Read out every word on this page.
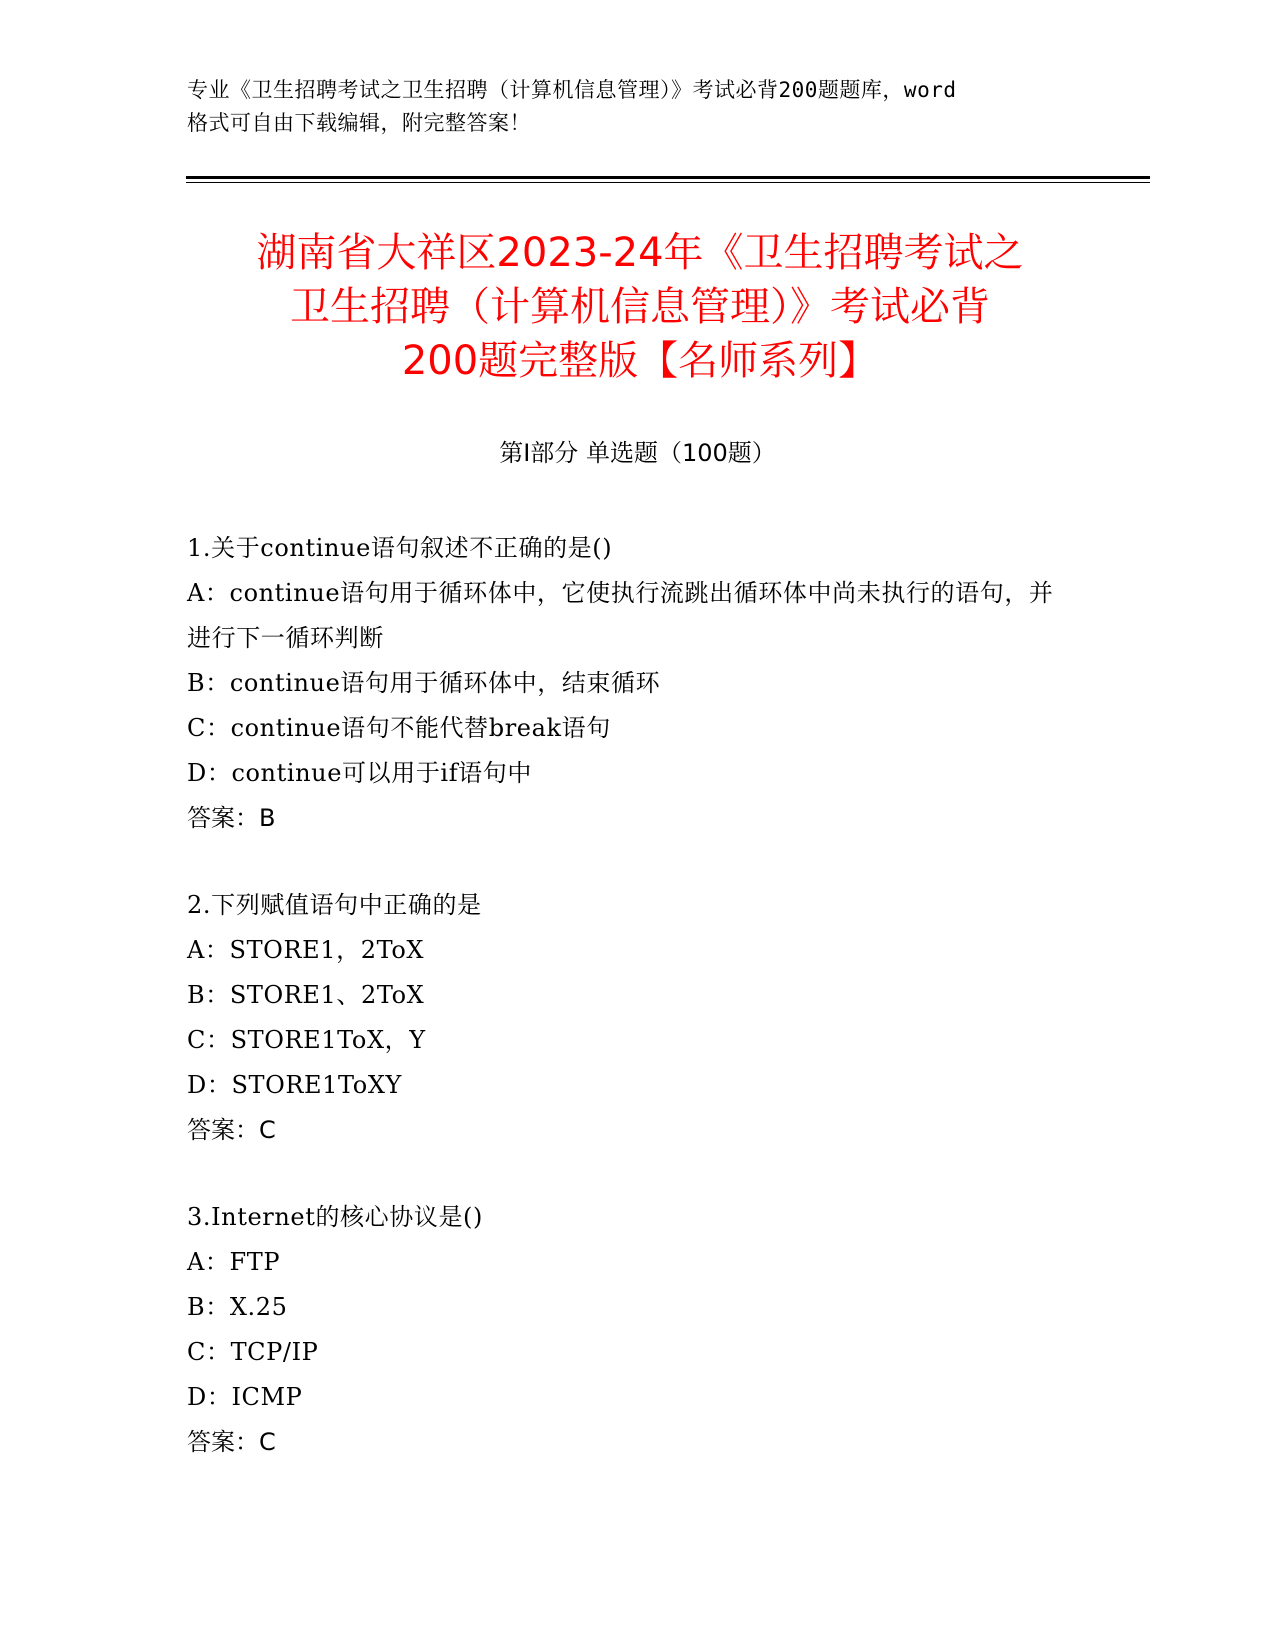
专业《卫生招聘考试之卫生招聘（计算机信息管理）》考试必背200题题库，word
格式可自由下载编辑，附完整答案！
湖南省大祥区2023-24年《卫生招聘考试之
卫生招聘（计算机信息管理）》考试必背
200题完整版【名师系列】
第Ⅰ部分 单选题（100题）
1.关于continue语句叙述不正确的是()
A：continue语句用于循环体中，它使执行流跳出循环体中尚未执行的语句，并进行下一循环判断
B：continue语句用于循环体中，结束循环
C：continue语句不能代替break语句
D：continue可以用于if语句中
答案：B
2.下列赋值语句中正确的是
A：STORE1，2ToX
B：STORE1、2ToX
C：STORE1ToX，Y
D：STORE1ToXY
答案：C
3.Internet的核心协议是()
A：FTP
B：X.25
C：TCP/IP
D：ICMP
答案：C
